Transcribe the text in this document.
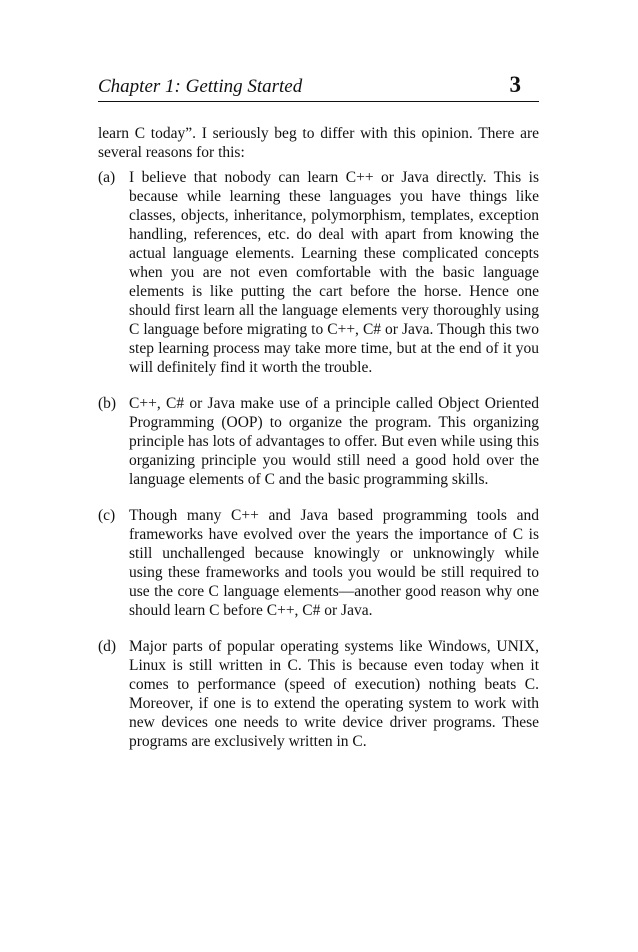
Chapter 1: Getting Started	3

learn C today”. I seriously beg to differ with this opinion. There are several reasons for this:

(a) I believe that nobody can learn C++ or Java directly. This is because while learning these languages you have things like classes, objects, inheritance, polymorphism, templates, exception handling, references, etc. do deal with apart from knowing the actual language elements. Learning these complicated concepts when you are not even comfortable with the basic language elements is like putting the cart before the horse. Hence one should first learn all the language elements very thoroughly using C language before migrating to C++, C# or Java. Though this two step learning process may take more time, but at the end of it you will definitely find it worth the trouble.
(b) C++, C# or Java make use of a principle called Object Oriented Programming (OOP) to organize the program. This organizing principle has lots of advantages to offer. But even while using this organizing principle you would still need a good hold over the language elements of C and the basic programming skills.
(c) Though many C++ and Java based programming tools and frameworks have evolved over the years the importance of C is still unchallenged because knowingly or unknowingly while using these frameworks and tools you would be still required to use the core C language elements—another good reason why one should learn C before C++, C# or Java.
(d) Major parts of popular operating systems like Windows, UNIX, Linux is still written in C. This is because even today when it comes to performance (speed of execution) nothing beats C. Moreover, if one is to extend the operating system to work with new devices one needs to write device driver programs. These programs are exclusively written in C.
